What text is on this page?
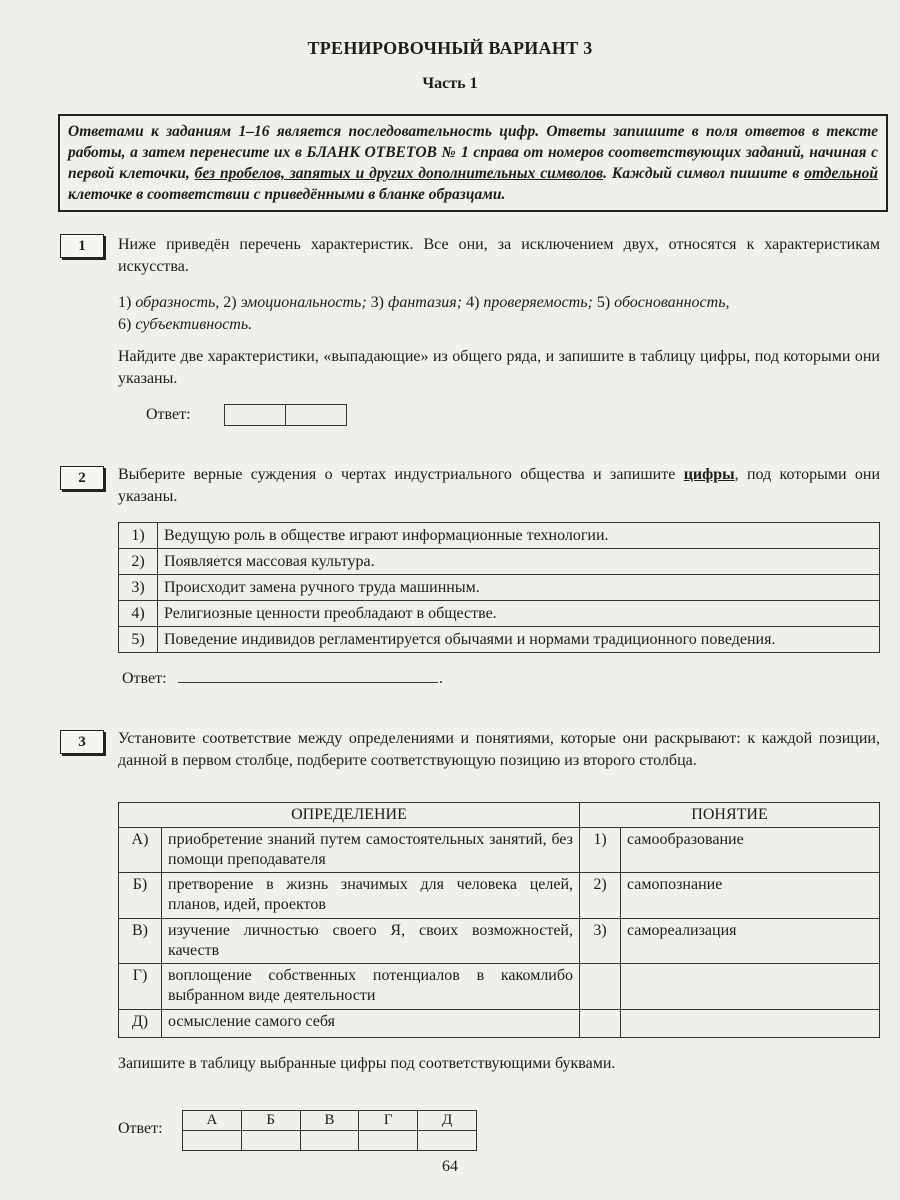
ТРЕНИРОВОЧНЫЙ ВАРИАНТ 3
Часть 1
Ответами к заданиям 1–16 является последовательность цифр. Ответы запишите в поля ответов в тексте работы, а затем перенесите их в БЛАНК ОТВЕТОВ № 1 справа от номеров соответствующих заданий, начиная с первой клеточки, без пробелов, запятых и других дополнительных символов. Каждый символ пишите в отдельной клеточке в соответствии с приведёнными в бланке образцами.
1	Ниже приведён перечень характеристик. Все они, за исключением двух, относятся к характеристикам искусства.
1) образность, 2) эмоциональность; 3) фантазия; 4) проверяемость; 5) обоснованность,
6) субъективность.
Найдите две характеристики, «выпадающие» из общего ряда, и запишите в таблицу цифры, под которыми они указаны.
Ответ:
2	Выберите верные суждения о чертах индустриального общества и запишите цифры, под которыми они указаны.
1)	Ведущую роль в обществе играют информационные технологии.
2)	Появляется массовая культура.
3)	Происходит замена ручного труда машинным.
4)	Религиозные ценности преобладают в обществе.
5)	Поведение индивидов регламентируется обычаями и нормами традиционного поведения.
Ответ:	.
3	Установите соответствие между определениями и понятиями, которые они раскрывают: к каждой позиции, данной в первом столбце, подберите соответствующую позицию из второго столбца.
ОПРЕДЕЛЕНИЕ		ПОНЯТИЕ	
А)	приобретение знаний путем самостоятельных занятий, без помощи преподавателя	1)	самообразование
Б)	претворение в жизнь значимых для человека целей, планов, идей, проектов	2)	самопознание
В)	изучение личностью своего Я, своих возможностей, качеств	3)	самореализация
Г)	воплощение собственных потенциалов в какомлибо выбранном виде деятельности		
Д)	осмысление самого себя		
Запишите в таблицу выбранные цифры под соответствующими буквами.
Ответ:	А	Б	В	Г	Д

64
